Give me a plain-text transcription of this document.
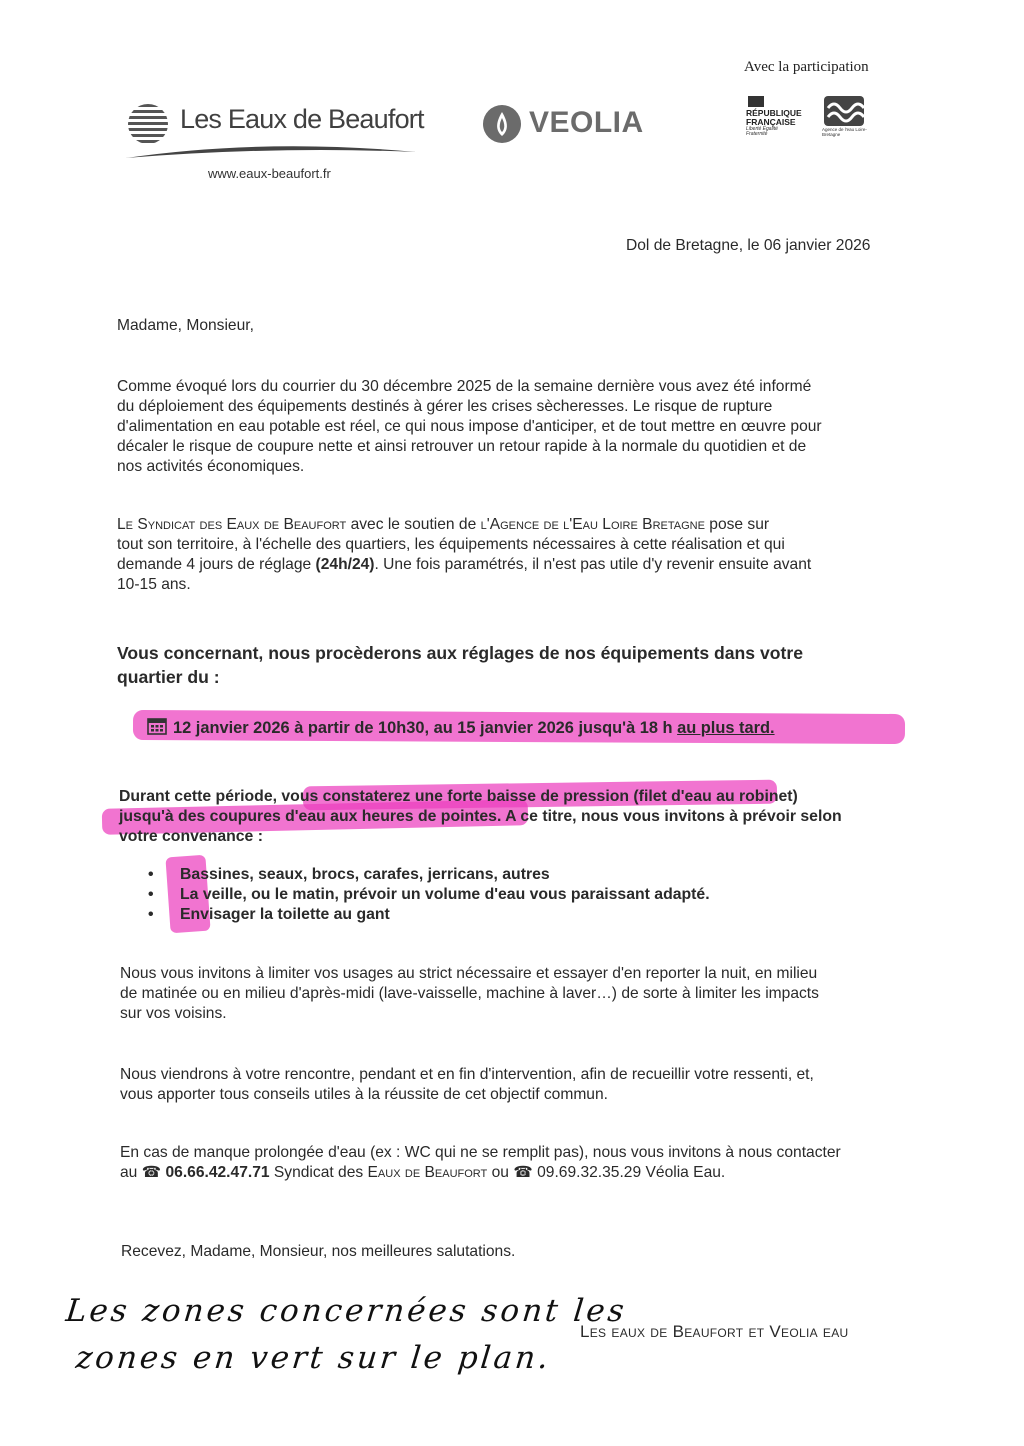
Avec la participation
Les Eaux de Beaufort
www.eaux-beaufort.fr
VEOLIA	RÉPUBLIQUE
FRANÇAISE
Liberté Égalité Fraternité
Agence de l'eau Loire-Bretagne
Dol de Bretagne, le 06 janvier 2026
Madame, Monsieur,
Comme évoqué lors du courrier du 30 décembre 2025 de la semaine dernière vous avez été informé
du déploiement des équipements destinés à gérer les crises sècheresses. Le risque de rupture
d'alimentation en eau potable est réel, ce qui nous impose d'anticiper, et de tout mettre en œuvre pour
décaler le risque de coupure nette et ainsi retrouver un retour rapide à la normale du quotidien et de
nos activités économiques.
Le Syndicat des Eaux de Beaufort avec le soutien de l'Agence de l'Eau Loire Bretagne pose sur
tout son territoire, à l'échelle des quartiers, les équipements nécessaires à cette réalisation et qui
demande 4 jours de réglage (24h/24). Une fois paramétrés, il n'est pas utile d'y revenir ensuite avant
10-15 ans.
Vous concernant, nous procèderons aux réglages de nos équipements dans votre
quartier du :
12 janvier 2026 à partir de 10h30, au 15 janvier 2026 jusqu'à 18 h au plus tard.
Durant cette période, vous constaterez une forte baisse de pression (filet d'eau au robinet)
jusqu'à des coupures d'eau aux heures de pointes. A ce titre, nous vous invitons à prévoir selon
votre convenance :
• Bassines, seaux, brocs, carafes, jerricans, autres
• La veille, ou le matin, prévoir un volume d'eau vous paraissant adapté.
• Envisager la toilette au gant
Nous vous invitons à limiter vos usages au strict nécessaire et essayer d'en reporter la nuit, en milieu
de matinée ou en milieu d'après-midi (lave-vaisselle, machine à laver…) de sorte à limiter les impacts
sur vos voisins.
Nous viendrons à votre rencontre, pendant et en fin d'intervention, afin de recueillir votre ressenti, et,
vous apporter tous conseils utiles à la réussite de cet objectif commun.
En cas de manque prolongée d'eau (ex : WC qui ne se remplit pas), nous vous invitons à nous contacter
au ☎ 06.66.42.47.71 Syndicat des Eaux de Beaufort ou ☎ 09.69.32.35.29 Véolia Eau.
Recevez, Madame, Monsieur, nos meilleures salutations.
Les zones concernées sont les
zones en vert sur le plan.
Les eaux de Beaufort et Veolia eau
